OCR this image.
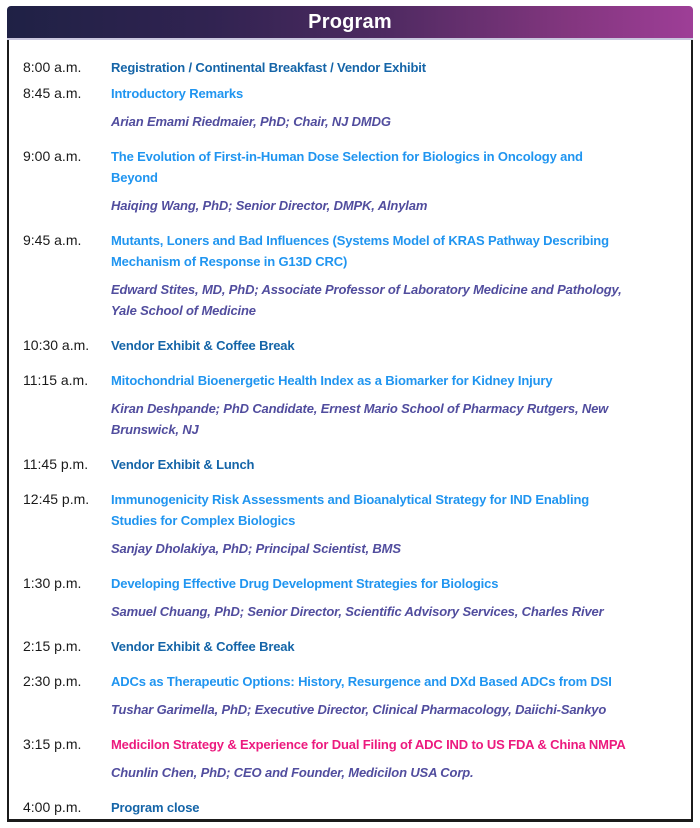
Program
8:00 a.m.	Registration / Continental Breakfast / Vendor Exhibit
8:45 a.m.	Introductory Remarks
Arian Emami Riedmaier, PhD; Chair, NJ DMDG
9:00 a.m.	The Evolution of First-in-Human Dose Selection for Biologics in Oncology and
Beyond
Haiqing Wang, PhD; Senior Director, DMPK, Alnylam
9:45 a.m.	Mutants, Loners and Bad Influences (Systems Model of KRAS Pathway Describing
Mechanism of Response in G13D CRC)
Edward Stites, MD, PhD; Associate Professor of Laboratory Medicine and Pathology,
Yale School of Medicine
10:30 a.m.	Vendor Exhibit & Coffee Break
11:15 a.m.	Mitochondrial Bioenergetic Health Index as a Biomarker for Kidney Injury
Kiran Deshpande; PhD Candidate, Ernest Mario School of Pharmacy Rutgers, New
Brunswick, NJ
11:45 p.m.	Vendor Exhibit & Lunch
12:45 p.m.	Immunogenicity Risk Assessments and Bioanalytical Strategy for IND Enabling
Studies for Complex Biologics
Sanjay Dholakiya, PhD; Principal Scientist, BMS
1:30 p.m.	Developing Effective Drug Development Strategies for Biologics
Samuel Chuang, PhD; Senior Director, Scientific Advisory Services, Charles River
2:15 p.m.	Vendor Exhibit & Coffee Break
2:30 p.m.	ADCs as Therapeutic Options: History, Resurgence and DXd Based ADCs from DSI
Tushar Garimella, PhD; Executive Director, Clinical Pharmacology, Daiichi-Sankyo
3:15 p.m.	Medicilon Strategy & Experience for Dual Filing of ADC IND to US FDA & China NMPA
Chunlin Chen, PhD; CEO and Founder, Medicilon USA Corp.
4:00 p.m.	Program close
